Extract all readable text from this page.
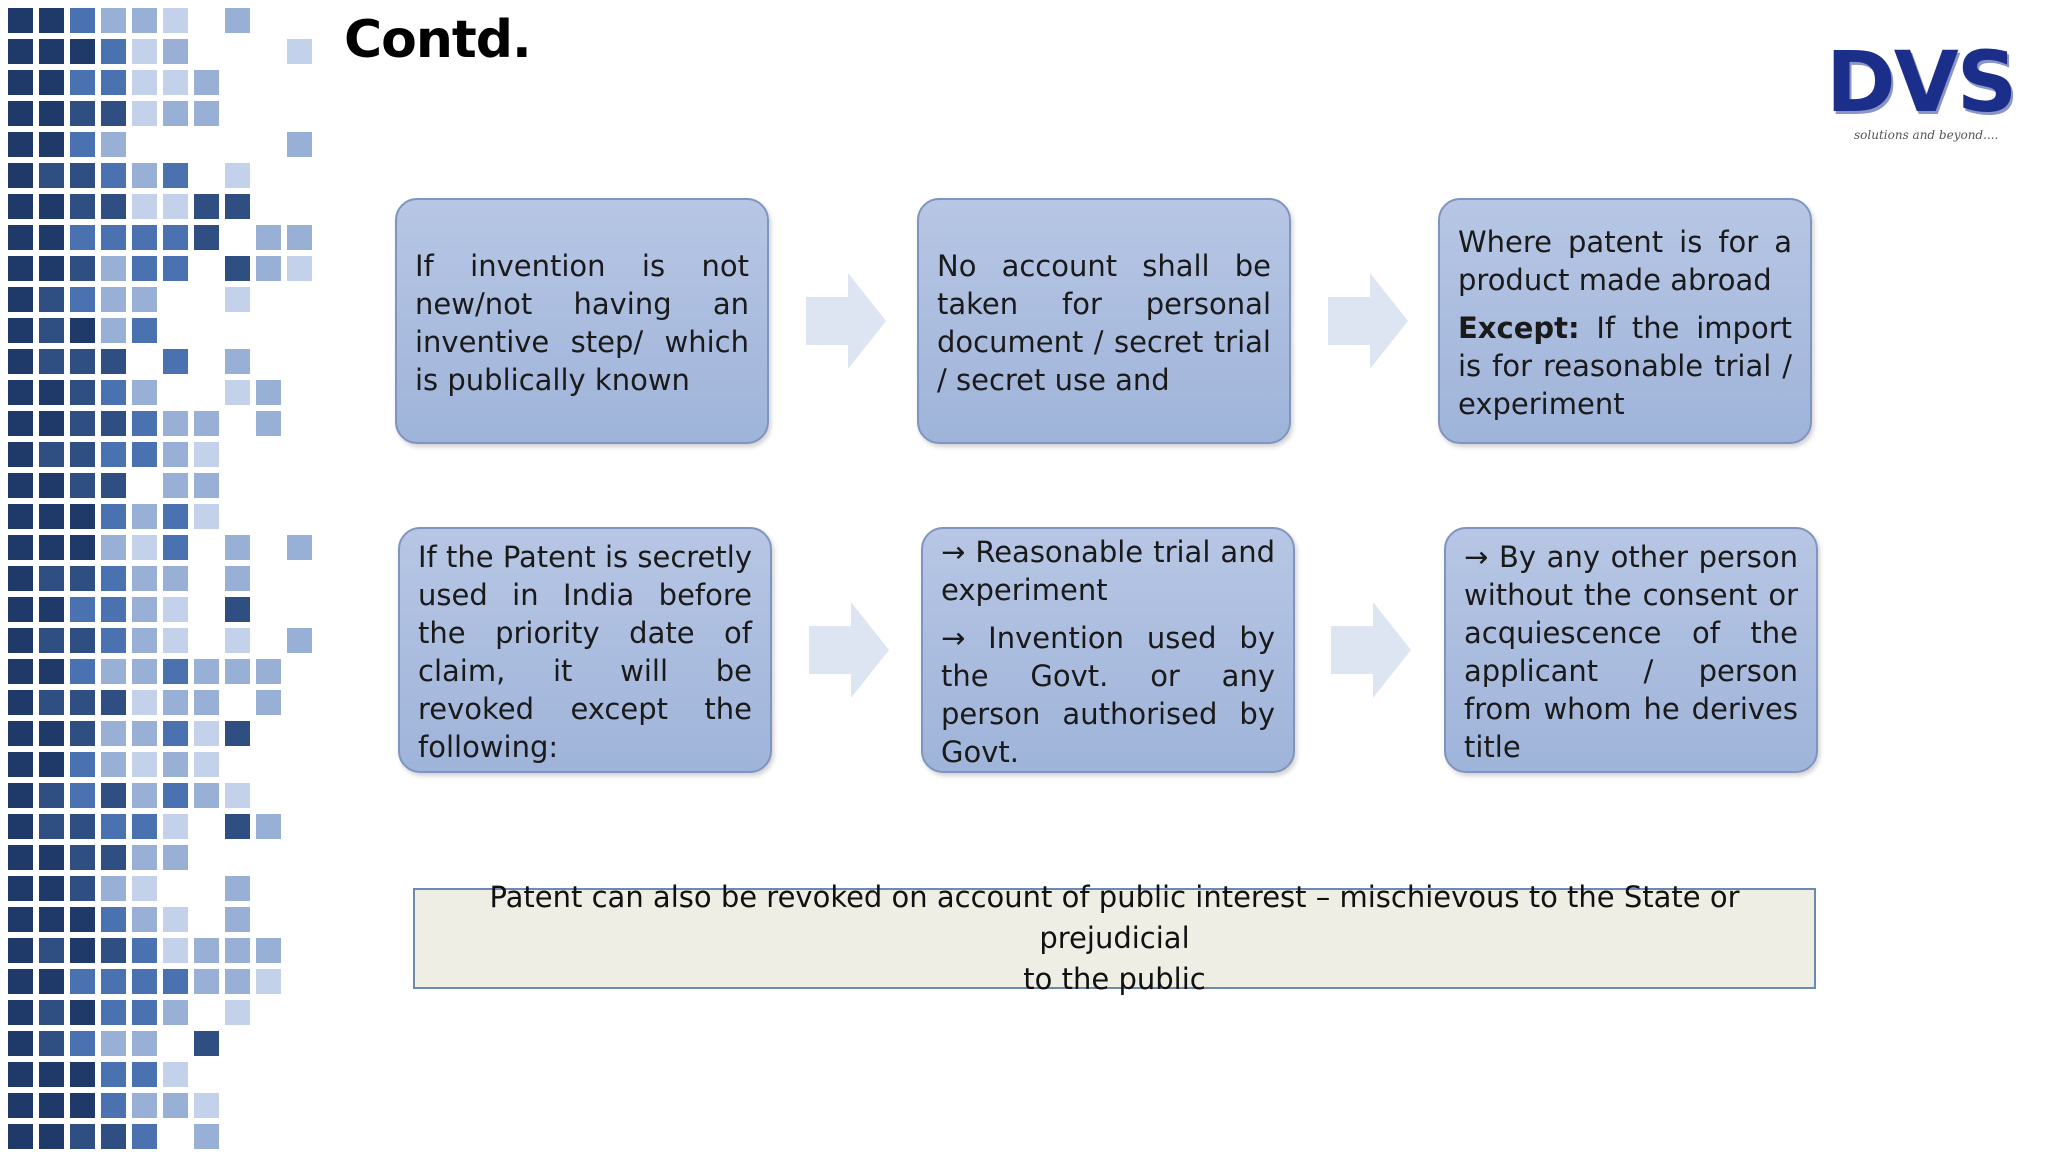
Contd.	DVS
solutions and beyond....

If invention is not new/not having an inventive step/ which is publically known

No account shall be taken for personal document / secret trial / secret use and

Where patent is for a product made abroad

Except: If the import is for reasonable trial / experiment

If the Patent is secretly used in India before the priority date of claim, it will be revoked except the following:

→ Reasonable trial and experiment

→ Invention used by the Govt. or any person authorised by Govt.

→ By any other person without the consent or acquiescence of the applicant / person from whom he derives title

Patent can also be revoked on account of public interest – mischievous to the State or prejudicial
to the public
